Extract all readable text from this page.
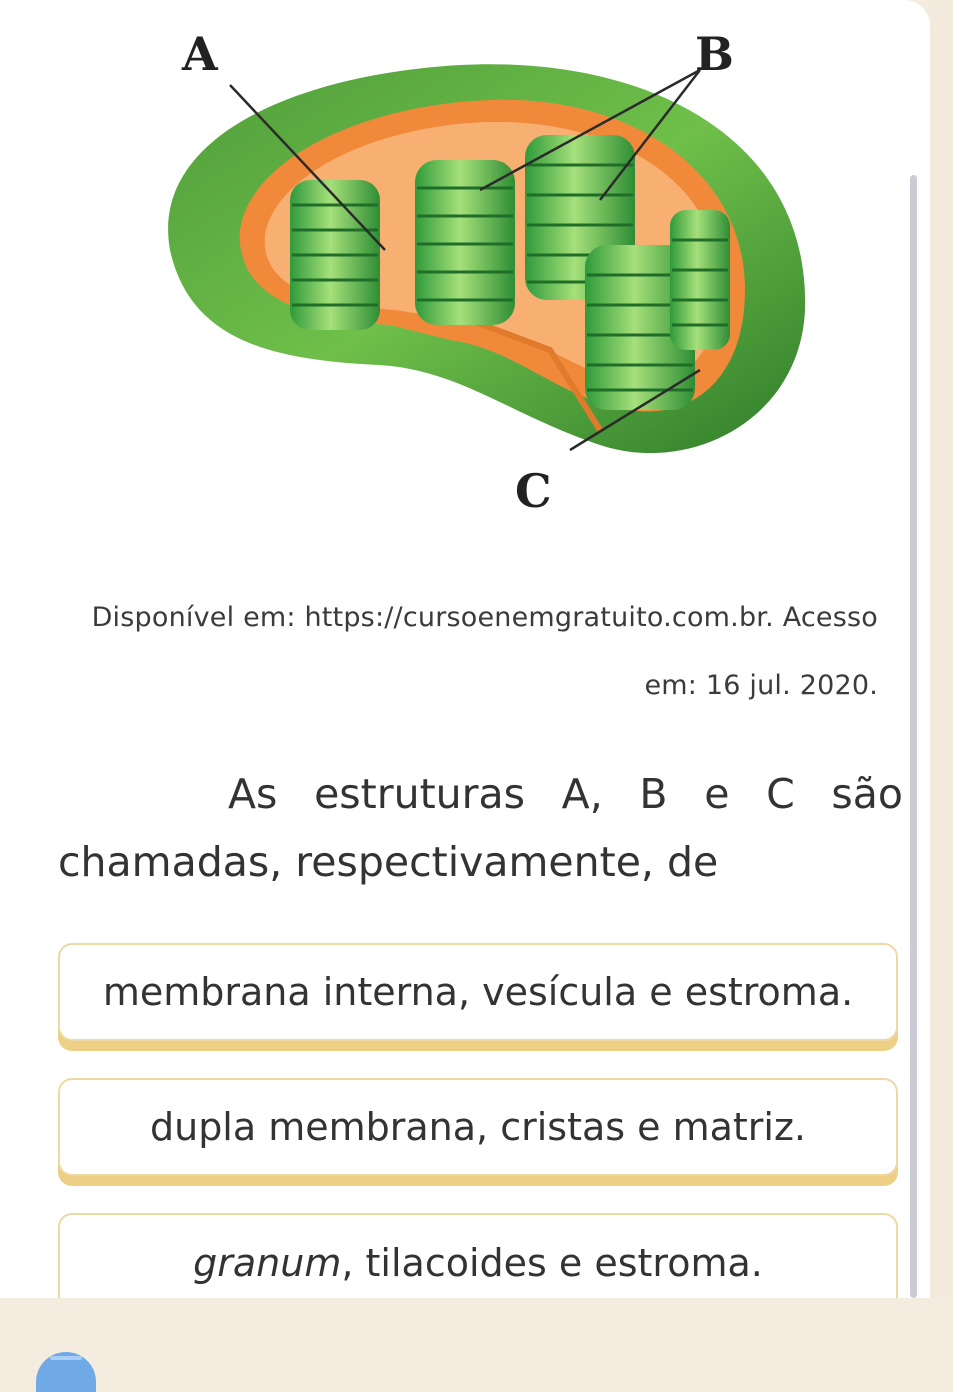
A	B
C
Disponível em: https://cursoenemgratuito.com.br. Acesso
em: 16 jul. 2020.
As estruturas A, B e C são
chamadas, respectivamente, de
membrana interna, vesícula e estroma.
dupla membrana, cristas e matriz.
granum, tilacoides e estroma.
